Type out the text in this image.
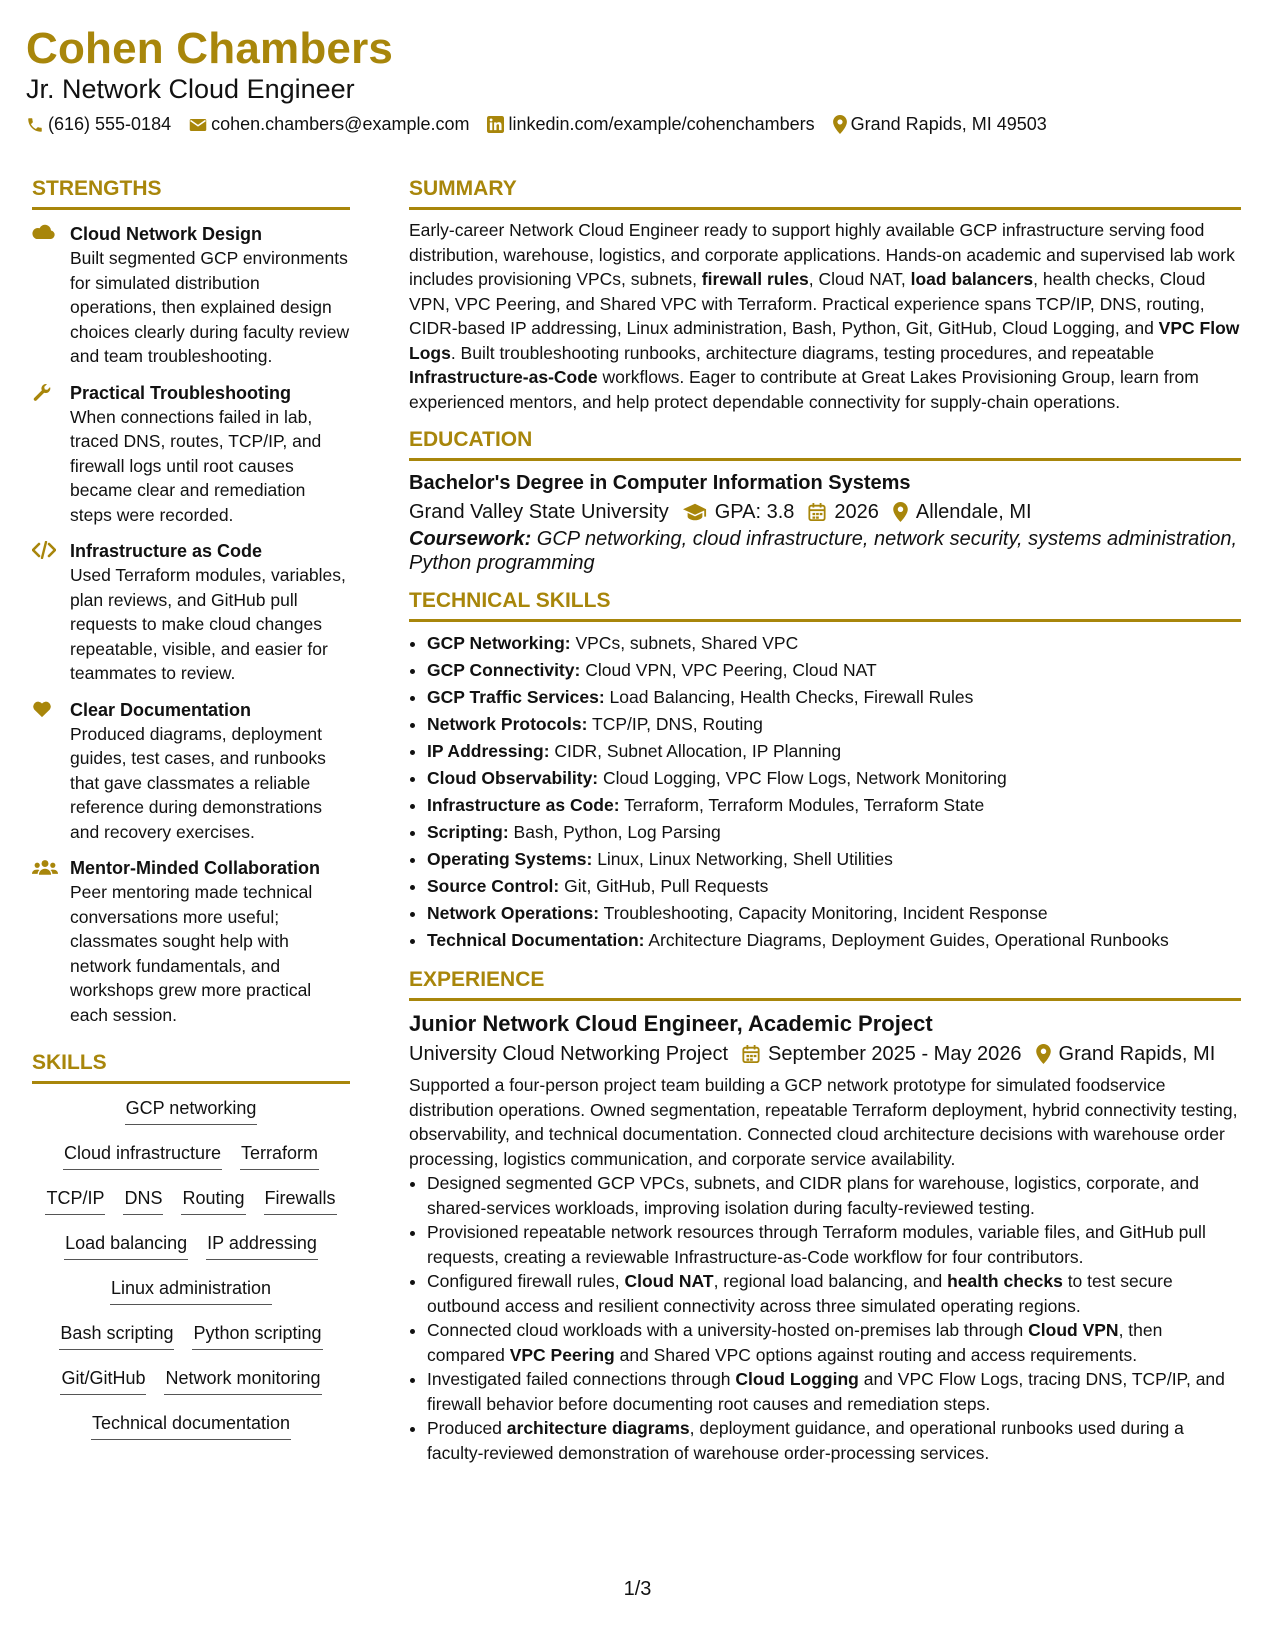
Cohen Chambers
Jr. Network Cloud Engineer
(616) 555-0184 cohen.chambers@example.com linkedin.com/example/cohenchambers Grand Rapids, MI 49503
STRENGTHS
Cloud Network Design
Built segmented GCP environments for simulated distribution operations, then explained design choices clearly during faculty review and team troubleshooting.
Practical Troubleshooting
When connections failed in lab, traced DNS, routes, TCP/IP, and firewall logs until root causes became clear and remediation steps were recorded.
Infrastructure as Code
Used Terraform modules, variables, plan reviews, and GitHub pull requests to make cloud changes repeatable, visible, and easier for teammates to review.
Clear Documentation
Produced diagrams, deployment guides, test cases, and runbooks that gave classmates a reliable reference during demonstrations and recovery exercises.
Mentor-Minded Collaboration
Peer mentoring made technical conversations more useful; classmates sought help with network fundamentals, and workshops grew more practical each session.
SKILLS
GCP networking
Cloud infrastructure Terraform
TCP/IP DNS Routing Firewalls
Load balancing IP addressing
Linux administration
Bash scripting Python scripting
Git/GitHub Network monitoring
Technical documentation
SUMMARY
Early-career Network Cloud Engineer ready to support highly available GCP infrastructure serving food distribution, warehouse, logistics, and corporate applications. Hands-on academic and supervised lab work includes provisioning VPCs, subnets, firewall rules, Cloud NAT, load balancers, health checks, Cloud VPN, VPC Peering, and Shared VPC with Terraform. Practical experience spans TCP/IP, DNS, routing, CIDR-based IP addressing, Linux administration, Bash, Python, Git, GitHub, Cloud Logging, and VPC Flow Logs. Built troubleshooting runbooks, architecture diagrams, testing procedures, and repeatable Infrastructure-as-Code workflows. Eager to contribute at Great Lakes Provisioning Group, learn from experienced mentors, and help protect dependable connectivity for supply-chain operations.
EDUCATION
Bachelor's Degree in Computer Information Systems
Grand Valley State University GPA: 3.8 2026 Allendale, MI
Coursework: GCP networking, cloud infrastructure, network security, systems administration, Python programming
TECHNICAL SKILLS
• GCP Networking: VPCs, subnets, Shared VPC
• GCP Connectivity: Cloud VPN, VPC Peering, Cloud NAT
• GCP Traffic Services: Load Balancing, Health Checks, Firewall Rules
• Network Protocols: TCP/IP, DNS, Routing
• IP Addressing: CIDR, Subnet Allocation, IP Planning
• Cloud Observability: Cloud Logging, VPC Flow Logs, Network Monitoring
• Infrastructure as Code: Terraform, Terraform Modules, Terraform State
• Scripting: Bash, Python, Log Parsing
• Operating Systems: Linux, Linux Networking, Shell Utilities
• Source Control: Git, GitHub, Pull Requests
• Network Operations: Troubleshooting, Capacity Monitoring, Incident Response
• Technical Documentation: Architecture Diagrams, Deployment Guides, Operational Runbooks
EXPERIENCE
Junior Network Cloud Engineer, Academic Project
University Cloud Networking Project September 2025 - May 2026 Grand Rapids, MI
Supported a four-person project team building a GCP network prototype for simulated foodservice distribution operations. Owned segmentation, repeatable Terraform deployment, hybrid connectivity testing, observability, and technical documentation. Connected cloud architecture decisions with warehouse order processing, logistics communication, and corporate service availability.
• Designed segmented GCP VPCs, subnets, and CIDR plans for warehouse, logistics, corporate, and shared-services workloads, improving isolation during faculty-reviewed testing.
• Provisioned repeatable network resources through Terraform modules, variable files, and GitHub pull requests, creating a reviewable Infrastructure-as-Code workflow for four contributors.
• Configured firewall rules, Cloud NAT, regional load balancing, and health checks to test secure outbound access and resilient connectivity across three simulated operating regions.
• Connected cloud workloads with a university-hosted on-premises lab through Cloud VPN, then compared VPC Peering and Shared VPC options against routing and access requirements.
• Investigated failed connections through Cloud Logging and VPC Flow Logs, tracing DNS, TCP/IP, and firewall behavior before documenting root causes and remediation steps.
• Produced architecture diagrams, deployment guidance, and operational runbooks used during a faculty-reviewed demonstration of warehouse order-processing services.
1/3
